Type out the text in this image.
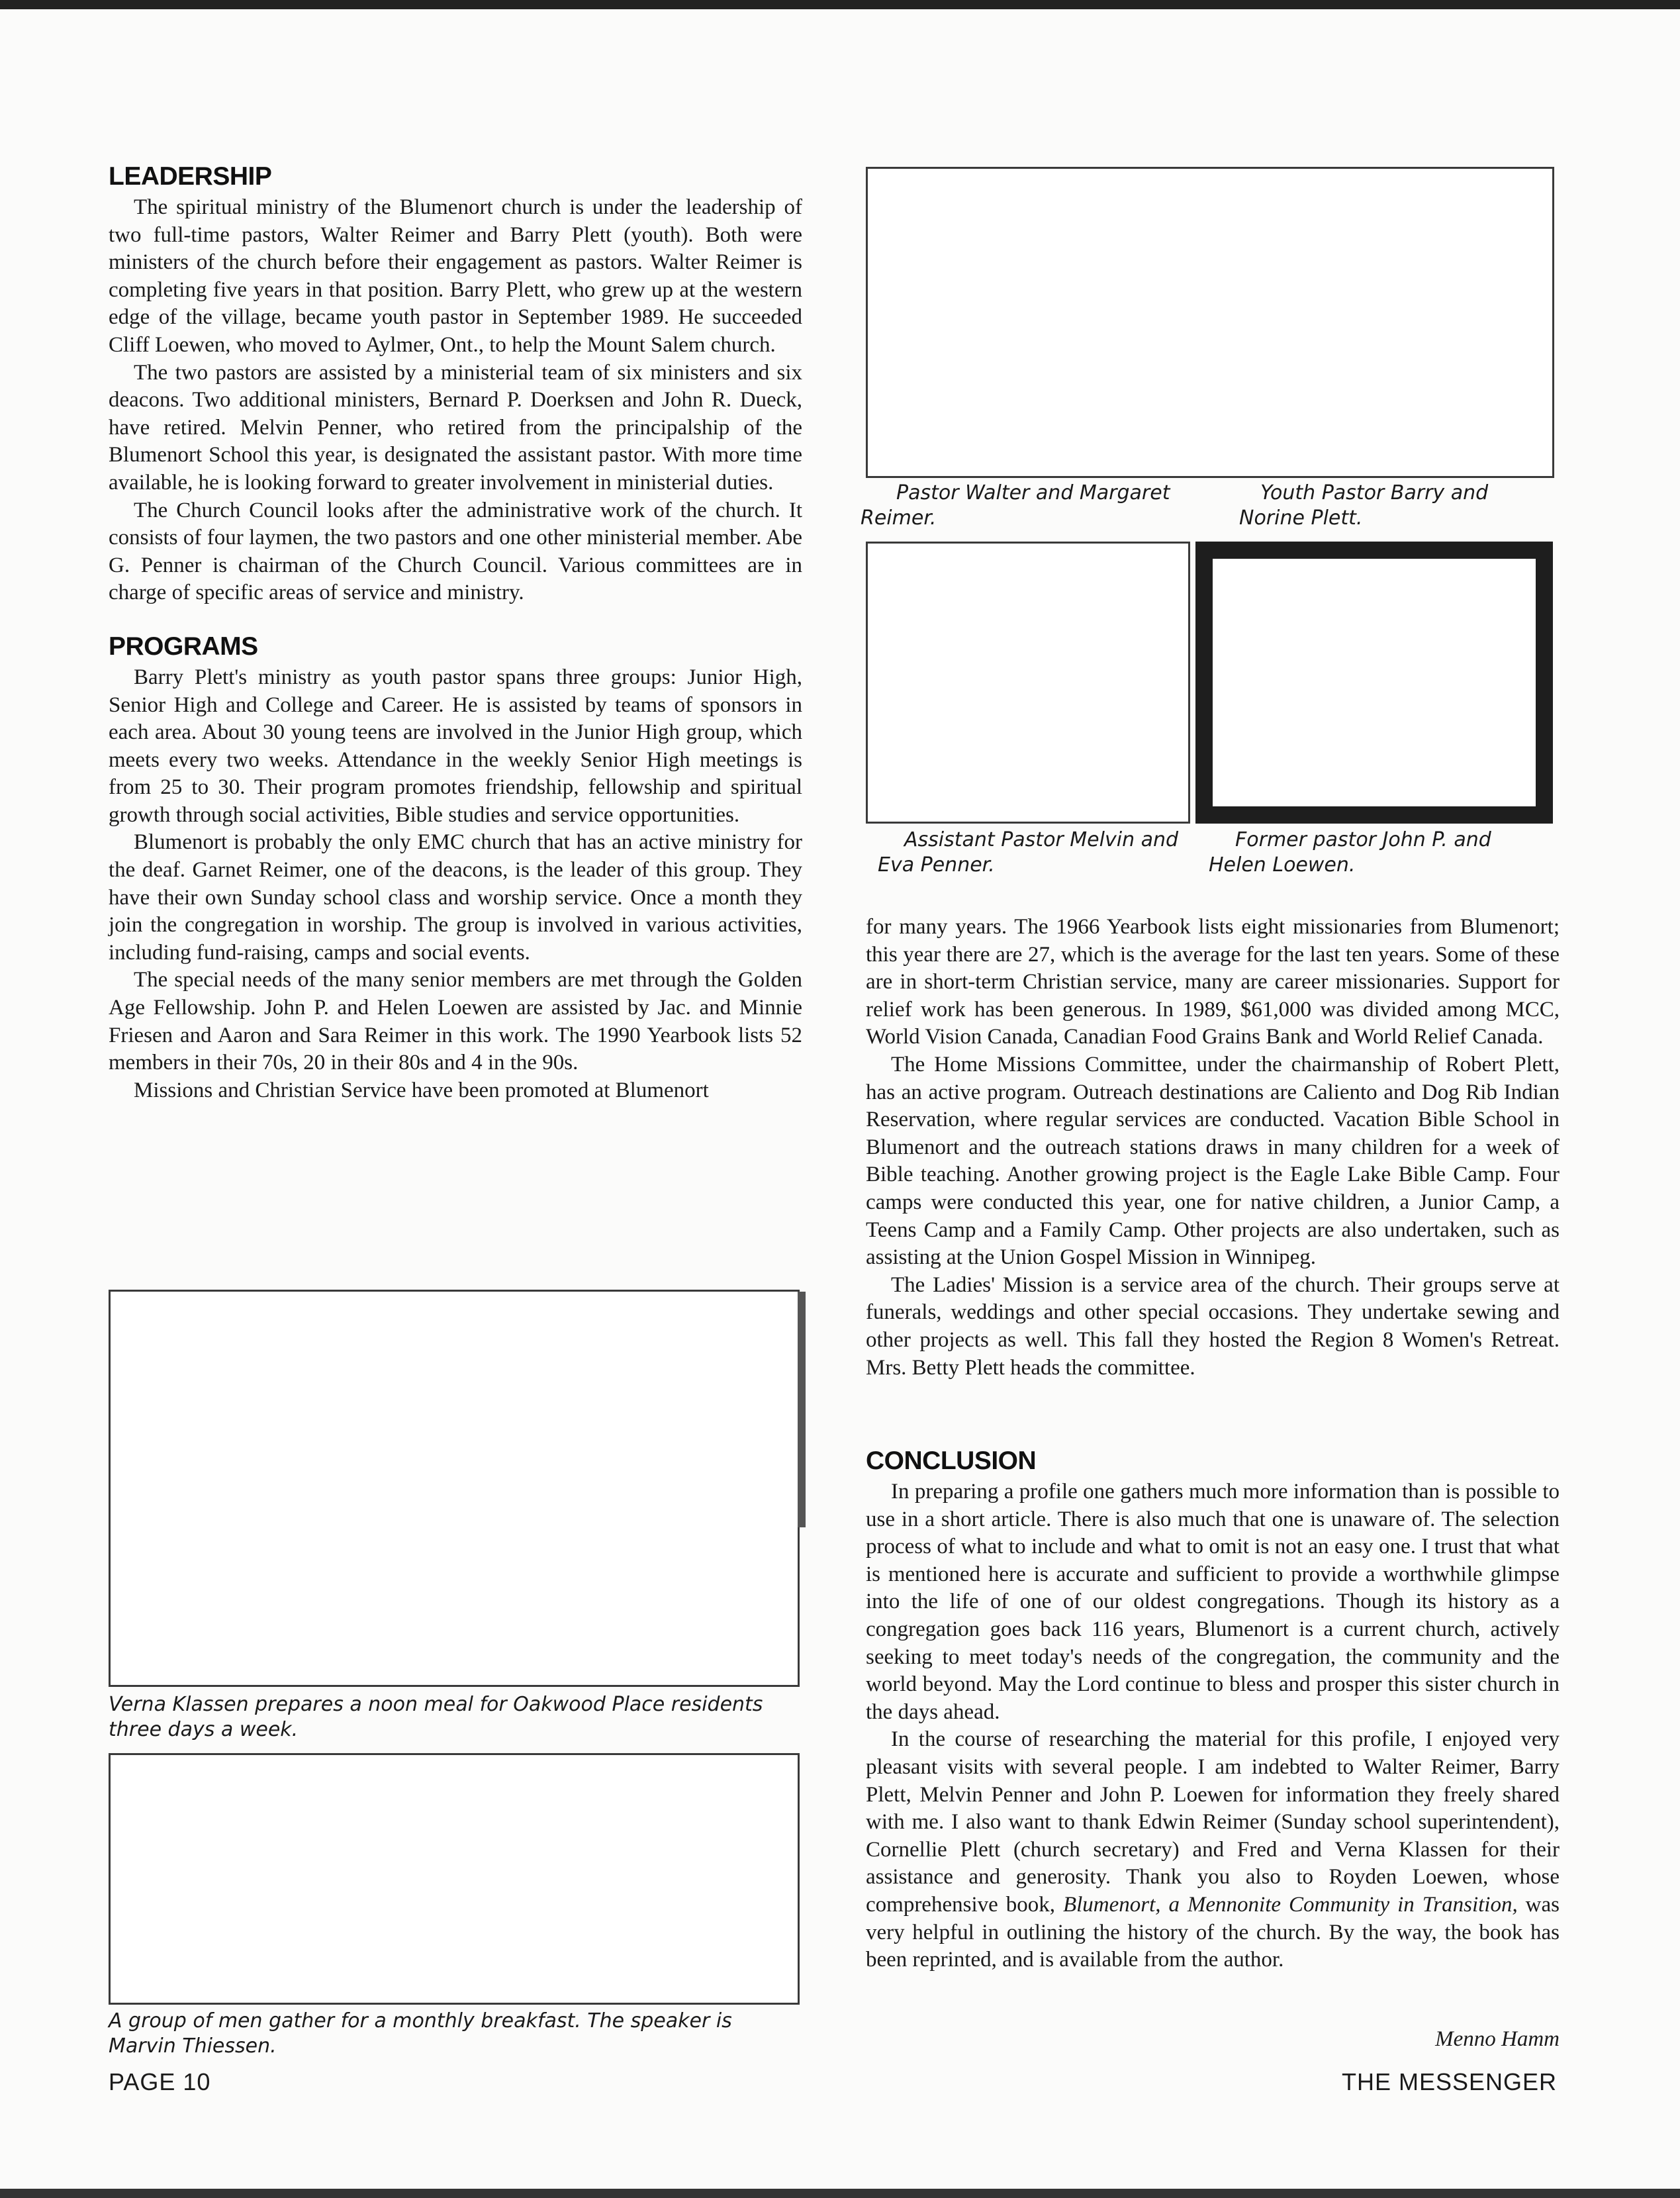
LEADERSHIP

The spiritual ministry of the Blumenort church is under the leadership of two full-time pastors, Walter Reimer and Barry Plett (youth). Both were ministers of the church before their engagement as pastors. Walter Reimer is completing five years in that position. Barry Plett, who grew up at the western edge of the village, became youth pastor in September 1989. He succeeded Cliff Loewen, who moved to Aylmer, Ont., to help the Mount Salem church.

The two pastors are assisted by a ministerial team of six ministers and six deacons. Two additional ministers, Bernard P. Doerksen and John R. Dueck, have retired. Melvin Penner, who retired from the principalship of the Blumenort School this year, is designated the assistant pastor. With more time available, he is looking forward to greater involvement in ministerial duties.

The Church Council looks after the administrative work of the church. It consists of four laymen, the two pastors and one other ministerial member. Abe G. Penner is chairman of the Church Council. Various committees are in charge of specific areas of service and ministry.

PROGRAMS

Barry Plett's ministry as youth pastor spans three groups: Junior High, Senior High and College and Career. He is assisted by teams of sponsors in each area. About 30 young teens are involved in the Junior High group, which meets every two weeks. Attendance in the weekly Senior High meetings is from 25 to 30. Their program promotes friendship, fellowship and spiritual growth through social activities, Bible studies and service opportunities.

Blumenort is probably the only EMC church that has an active ministry for the deaf. Garnet Reimer, one of the deacons, is the leader of this group. They have their own Sunday school class and worship service. Once a month they join the congregation in worship. The group is involved in various activities, including fund-raising, camps and social events.

The special needs of the many senior members are met through the Golden Age Fellowship. John P. and Helen Loewen are assisted by Jac. and Minnie Friesen and Aaron and Sara Reimer in this work. The 1990 Yearbook lists 52 members in their 70s, 20 in their 80s and 4 in the 90s.

Missions and Christian Service have been promoted at Blumenort

Verna Klassen prepares a noon meal for Oakwood Place residents three days a week.
A group of men gather for a monthly breakfast. The speaker is Marvin Thiessen.
Pastor Walter and Margaret Reimer.
Youth Pastor Barry and Norine Plett.
Assistant Pastor Melvin and Eva Penner.
Former pastor John P. and Helen Loewen.

for many years. The 1966 Yearbook lists eight missionaries from Blumenort; this year there are 27, which is the average for the last ten years. Some of these are in short-term Christian service, many are career missionaries. Support for relief work has been generous. In 1989, $61,000 was divided among MCC, World Vision Canada, Canadian Food Grains Bank and World Relief Canada.

The Home Missions Committee, under the chairmanship of Robert Plett, has an active program. Outreach destinations are Caliento and Dog Rib Indian Reservation, where regular services are conducted. Vacation Bible School in Blumenort and the outreach stations draws in many children for a week of Bible teaching. Another growing project is the Eagle Lake Bible Camp. Four camps were conducted this year, one for native children, a Junior Camp, a Teens Camp and a Family Camp. Other projects are also undertaken, such as assisting at the Union Gospel Mission in Winnipeg.

The Ladies' Mission is a service area of the church. Their groups serve at funerals, weddings and other special occasions. They undertake sewing and other projects as well. This fall they hosted the Region 8 Women's Retreat. Mrs. Betty Plett heads the committee.

CONCLUSION

In preparing a profile one gathers much more information than is possible to use in a short article. There is also much that one is unaware of. The selection process of what to include and what to omit is not an easy one. I trust that what is mentioned here is accurate and sufficient to provide a worthwhile glimpse into the life of one of our oldest congregations. Though its history as a congregation goes back 116 years, Blumenort is a current church, actively seeking to meet today's needs of the congregation, the community and the world beyond. May the Lord continue to bless and prosper this sister church in the days ahead.

In the course of researching the material for this profile, I enjoyed very pleasant visits with several people. I am indebted to Walter Reimer, Barry Plett, Melvin Penner and John P. Loewen for information they freely shared with me. I also want to thank Edwin Reimer (Sunday school superintendent), Cornellie Plett (church secretary) and Fred and Verna Klassen for their assistance and generosity. Thank you also to Royden Loewen, whose comprehensive book, Blumenort, a Mennonite Community in Transition, was very helpful in outlining the history of the church. By the way, the book has been reprinted, and is available from the author.

Menno Hamm
PAGE 10	THE MESSENGER
